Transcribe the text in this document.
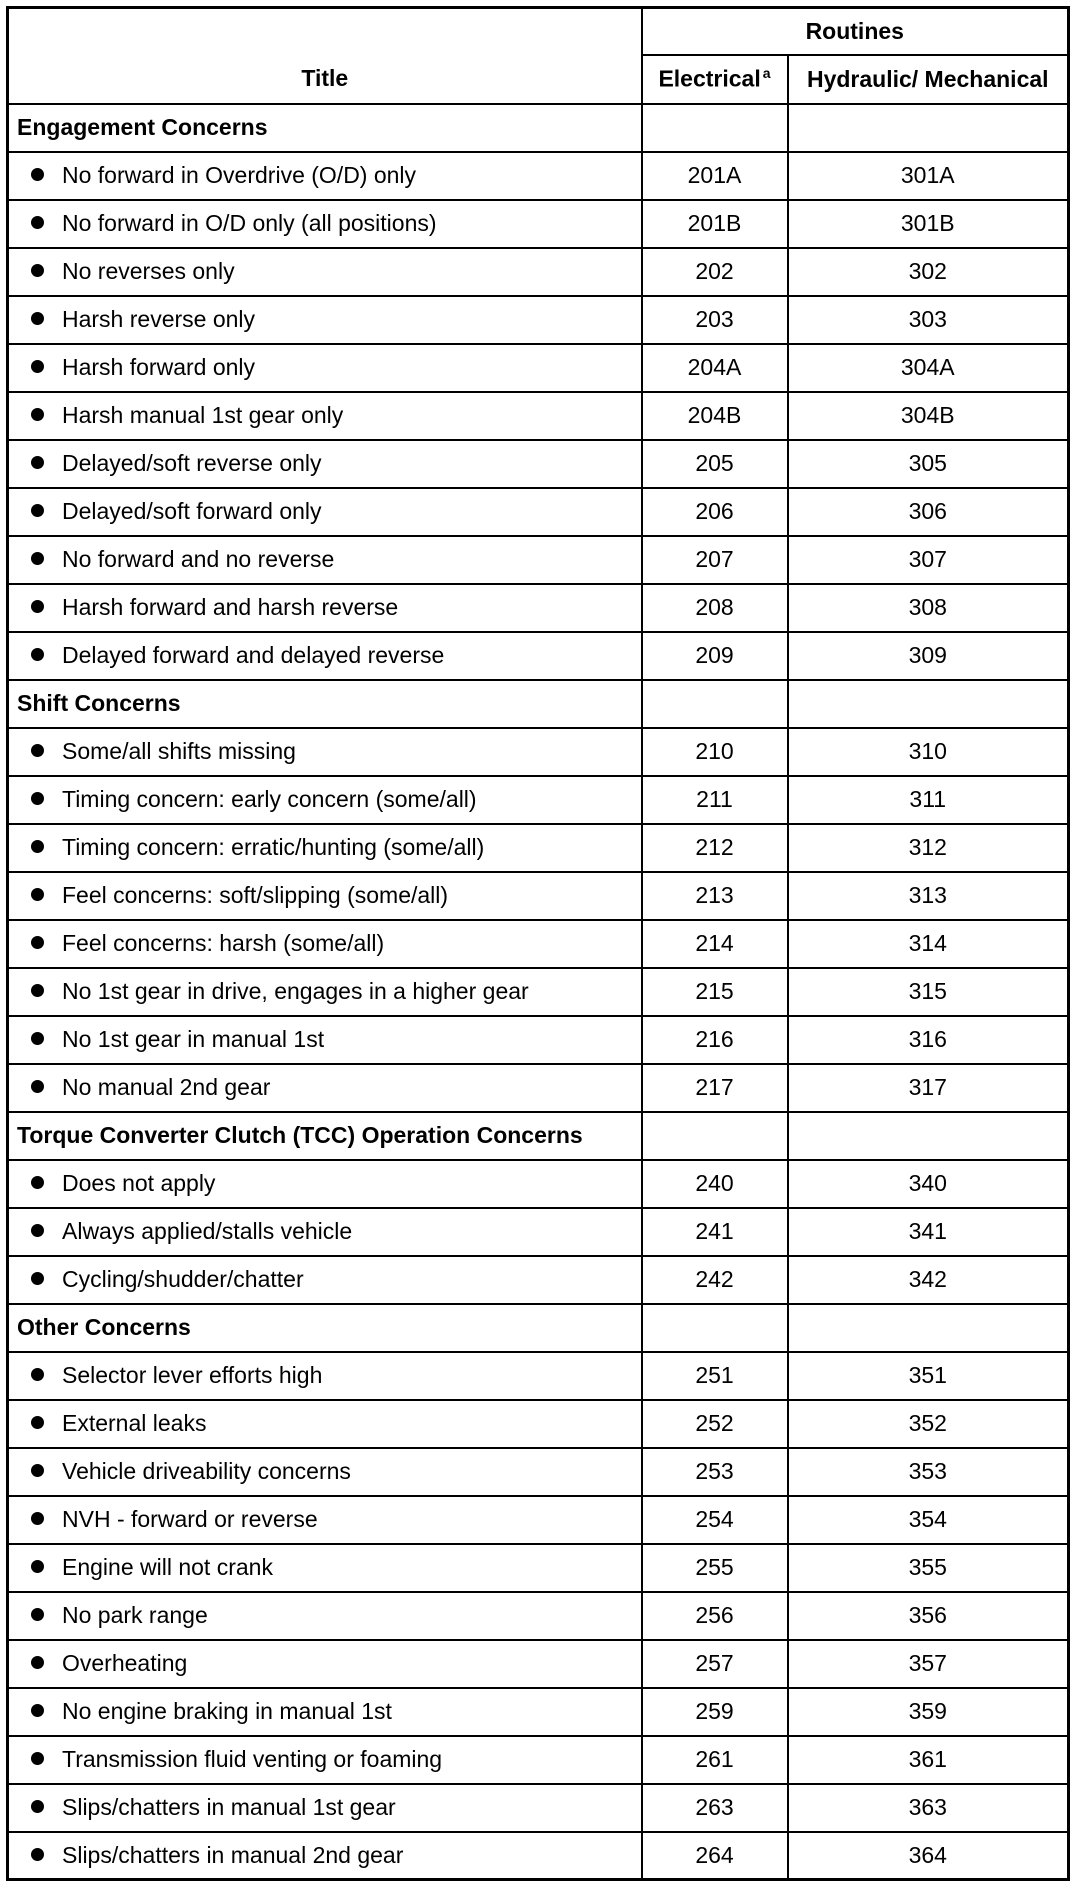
	Routines	
Title	Electrical $^a$	Hydraulic/ Mechanical
Engagement Concerns		
No forward in Overdrive (O/D) only	201A	301A
No forward in O/D only (all positions)	201B	301B
No reverses only	202	302
Harsh reverse only	203	303
Harsh forward only	204A	304A
Harsh manual 1st gear only	204B	304B
Delayed/soft reverse only	205	305
Delayed/soft forward only	206	306
No forward and no reverse	207	307
Harsh forward and harsh reverse	208	308
Delayed forward and delayed reverse	209	309
Shift Concerns		
Some/all shifts missing	210	310
Timing concern: early concern (some/all)	211	311
Timing concern: erratic/hunting (some/all)	212	312
Feel concerns: soft/slipping (some/all)	213	313
Feel concerns: harsh (some/all)	214	314
No 1st gear in drive, engages in a higher gear	215	315
No 1st gear in manual 1st	216	316
No manual 2nd gear	217	317
Torque Converter Clutch (TCC) Operation Concerns		
Does not apply	240	340
Always applied/stalls vehicle	241	341
Cycling/shudder/chatter	242	342
Other Concerns		
Selector lever efforts high	251	351
External leaks	252	352
Vehicle driveability concerns	253	353
NVH - forward or reverse	254	354
Engine will not crank	255	355
No park range	256	356
Overheating	257	357
No engine braking in manual 1st	259	359
Transmission fluid venting or foaming	261	361
Slips/chatters in manual 1st gear	263	363
Slips/chatters in manual 2nd gear	264	364
